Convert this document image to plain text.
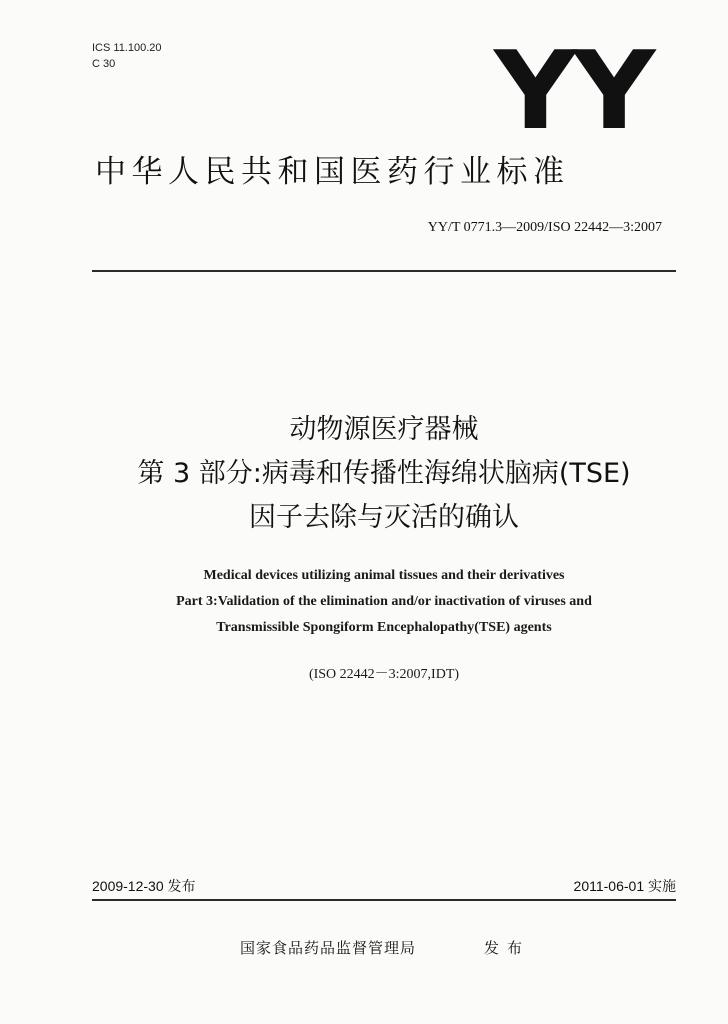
ICS 11.100.20
C 30	YY
中华人民共和国医药行业标准
YY/T 0771.3—2009/ISO 22442—3:2007
动物源医疗器械
第 3 部分:病毒和传播性海绵状脑病(TSE)
因子去除与灭活的确认
Medical devices utilizing animal tissues and their derivatives
Part 3:Validation of the elimination and/or inactivation of viruses and
Transmissible Spongiform Encephalopathy(TSE) agents
(ISO 22442－3:2007,IDT)
2009-12-30 发布	2011-06-01 实施
国家食品药品监督管理局	发布
